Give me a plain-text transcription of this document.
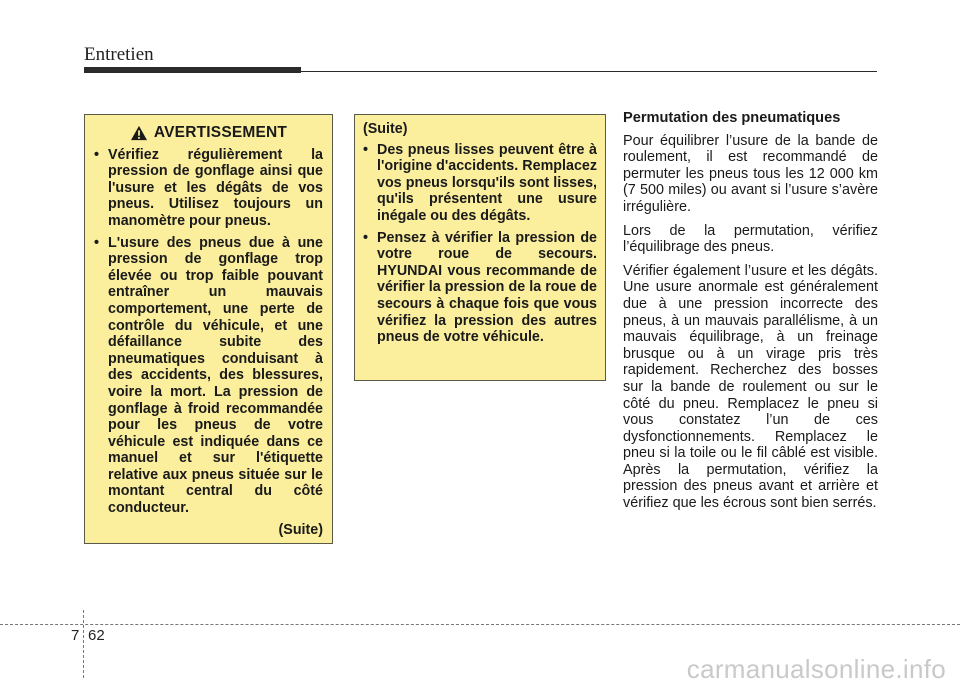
Entretien
AVERTISSEMENT
• Vérifiez régulièrement la pression de gonflage ainsi que l'usure et les dégâts de vos pneus. Utilisez toujours un manomètre pour pneus.
• L'usure des pneus due à une pression de gonflage trop élevée ou trop faible pouvant entraîner un mauvais comportement, une perte de contrôle du véhicule, et une défaillance subite des pneumatiques conduisant à des accidents, des blessures, voire la mort. La pression de gonflage à froid recommandée pour les pneus de votre véhicule est indiquée dans ce manuel et sur l'étiquette relative aux pneus située sur le montant central du côté conducteur.
(Suite)
(Suite)
• Des pneus lisses peuvent être à l'origine d'accidents. Remplacez vos pneus lorsqu'ils sont lisses, qu'ils présentent une usure inégale ou des dégâts.
• Pensez à vérifier la pression de votre roue de secours. HYUNDAI vous recommande de vérifier la pression de la roue de secours à chaque fois que vous vérifiez la pression des autres pneus de votre véhicule.
Permutation des pneumatiques

Pour équilibrer l’usure de la bande de roulement, il est recommandé de permuter les pneus tous les 12 000 km (7 500 miles) ou avant si l’usure s’avère irrégulière.

Lors de la permutation, vérifiez l’équilibrage des pneus.

Vérifier également l’usure et les dégâts. Une usure anormale est généralement due à une pression incorrecte des pneus, à un mauvais parallélisme, à un mauvais équilibrage, à un freinage brusque ou à un virage pris très rapidement. Recherchez des bosses sur la bande de roulement ou sur le côté du pneu. Remplacez le pneu si vous constatez l’un de ces dysfonctionnements. Remplacez le pneu si la toile ou le fil câblé est visible. Après la permutation, vérifiez la pression des pneus avant et arrière et vérifiez que les écrous sont bien serrés.

7 62
carmanualsonline.info
